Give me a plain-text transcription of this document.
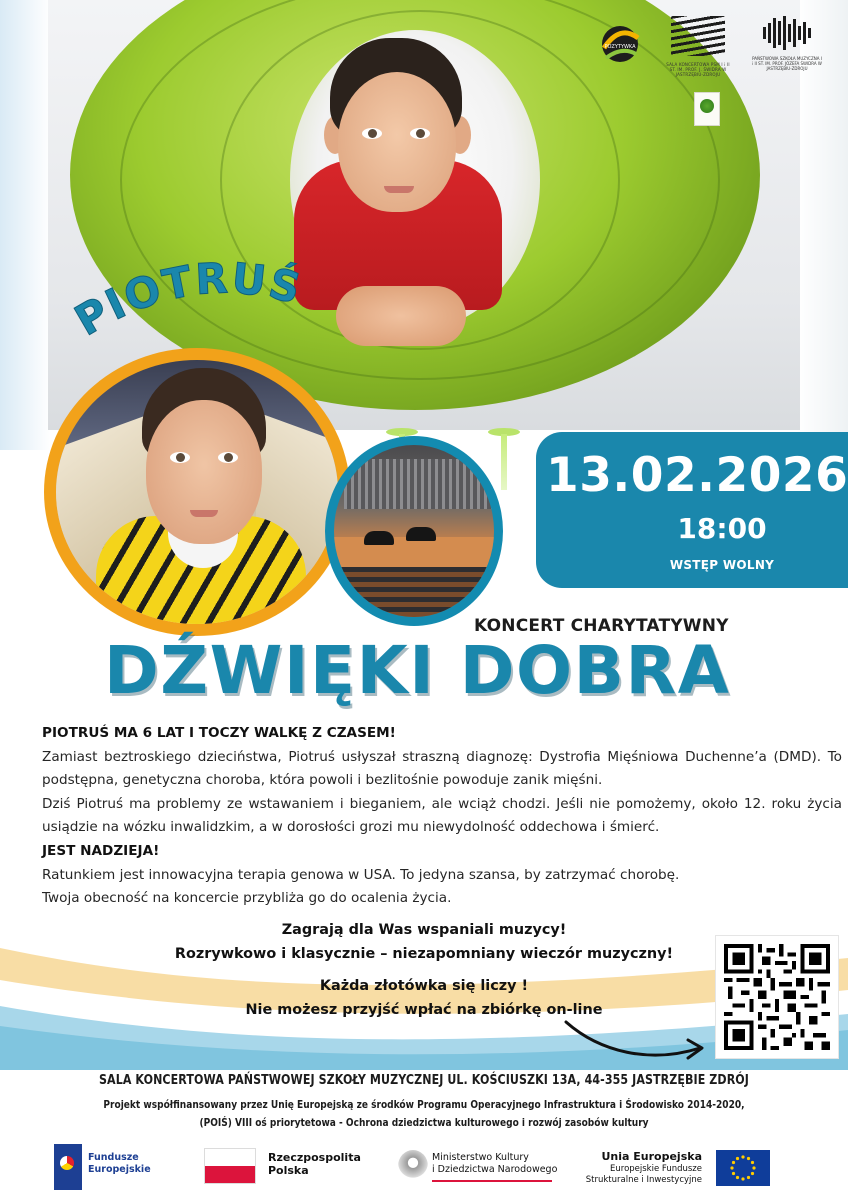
POZYTYWKA
SALA KONCERTOWA PSM I i II ST. IM. PROF. J. ŚWIDRA W JASTRZĘBIU-ZDROJU
PAŃSTWOWA SZKOŁA MUZYCZNA I i II ST. IM. PROF. JÓZEFA ŚWIDRA W JASTRZĘBIU-ZDROJU
PIOTRUŚ
13.02.2026
18:00
WSTĘP WOLNY
KONCERT CHARYTATYWNY
DŹWIĘKI DOBRA

PIOTRUŚ MA 6 LAT I TOCZY WALKĘ Z CZASEM!

Zamiast beztroskiego dzieciństwa, Piotruś usłyszał straszną diagnozę: Dystrofia Mięśniowa Duchenne’a (DMD). To podstępna, genetyczna choroba, która powoli i bezlitośnie powoduje zanik mięśni.

Dziś Piotruś ma problemy ze wstawaniem i bieganiem, ale wciąż chodzi. Jeśli nie pomożemy, około 12. roku życia usiądzie na wózku inwalidzkim, a w dorosłości grozi mu niewydolność oddechowa i śmierć.

JEST NADZIEJA!

Ratunkiem jest innowacyjna terapia genowa w USA. To jedyna szansa, by zatrzymać chorobę.

Twoja obecność na koncercie przybliża go do ocalenia życia.

Zagrają dla Was wspaniali muzycy!
Rozrywkowo i klasycznie – niezapomniany wieczór muzyczny!
Każda złotówka się liczy !
Nie możesz przyjść wpłać na zbiórkę on-line
SALA KONCERTOWA PAŃSTWOWEJ SZKOŁY MUZYCZNEJ UL. KOŚCIUSZKI 13A, 44-355 JASTRZĘBIE ZDRÓJ
Projekt współfinansowany przez Unię Europejską ze środków Programu Operacyjnego Infrastruktura i Środowisko 2014-2020,
(POIŚ) VIII oś priorytetowa - Ochrona dziedzictwa kulturowego i rozwój zasobów kultury
Fundusze
Europejskie
Rzeczpospolita
Polska
Ministerstwo Kultury
i Dziedzictwa Narodowego
Unia Europejska
Europejskie Fundusze
Strukturalne i Inwestycyjne
